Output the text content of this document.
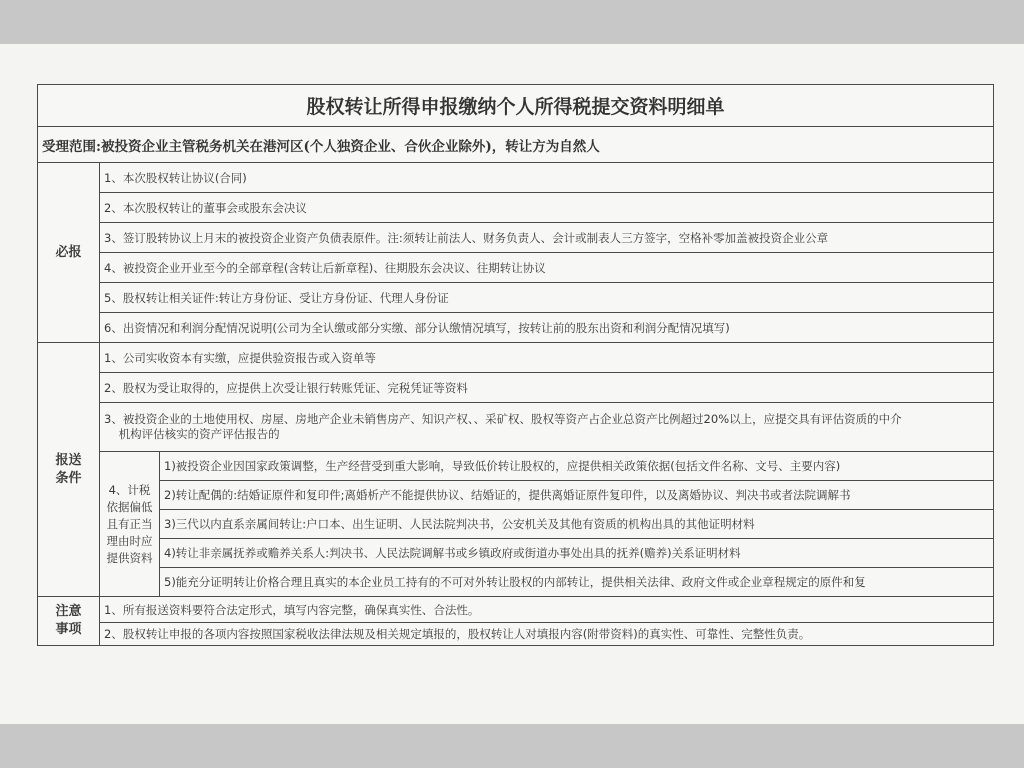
股权转让所得申报缴纳个人所得税提交资料明细单		
受理范围:被投资企业主管税务机关在港河区(个人独资企业、合伙企业除外)，转让方为自然人		
必报	1、本次股权转让协议(合同)	
	2、本次股权转让的董事会或股东会决议	
	3、签订股转协议上月末的被投资企业资产负债表原件。注:须转让前法人、财务负责人、会计或制表人三方签字，空格补零加盖被投资企业公章	
	4、被投资企业开业至今的全部章程(含转让后新章程)、往期股东会决议、往期转让协议	
	5、股权转让相关证件:转让方身份证、受让方身份证、代理人身份证	
	6、出资情况和利润分配情况说明(公司为全认缴或部分实缴、部分认缴情况填写，按转让前的股东出资和利润分配情况填写)	
报送
条件	1、公司实收资本有实缴，应提供验资报告或入资单等	
	2、股权为受让取得的，应提供上次受让银行转账凭证、完税凭证等资料	
	3、被投资企业的土地使用权、房屋、房地产企业未销售房产、知识产权、、采矿权、股权等资产占企业总资产比例超过20%以上，应提交具有评估资质的中介
机构评估核实的资产评估报告的	
	4、计税
依据偏低
且有正当
理由时应
提供资料	1)被投资企业因国家政策调整，生产经营受到重大影响，导致低价转让股权的，应提供相关政策依据(包括文件名称、文号、主要内容)
		2)转让配偶的:结婚证原件和复印件;离婚析产不能提供协议、结婚证的，提供离婚证原件复印件，以及离婚协议、判决书或者法院调解书
		3)三代以内直系亲属间转让:户口本、出生证明、人民法院判决书，公安机关及其他有资质的机构出具的其他证明材料
		4)转让非亲属抚养或赡养关系人:判决书、人民法院调解书或乡镇政府或街道办事处出具的抚养(赡养)关系证明材料
		5)能充分证明转让价格合理且真实的本企业员工持有的不可对外转让股权的内部转让，提供相关法律、政府文件或企业章程规定的原件和复
注意
事项	1、所有报送资料要符合法定形式，填写内容完整，确保真实性、合法性。	
	2、股权转让申报的各项内容按照国家税收法律法规及相关规定填报的，股权转让人对填报内容(附带资料)的真实性、可靠性、完整性负责。	
